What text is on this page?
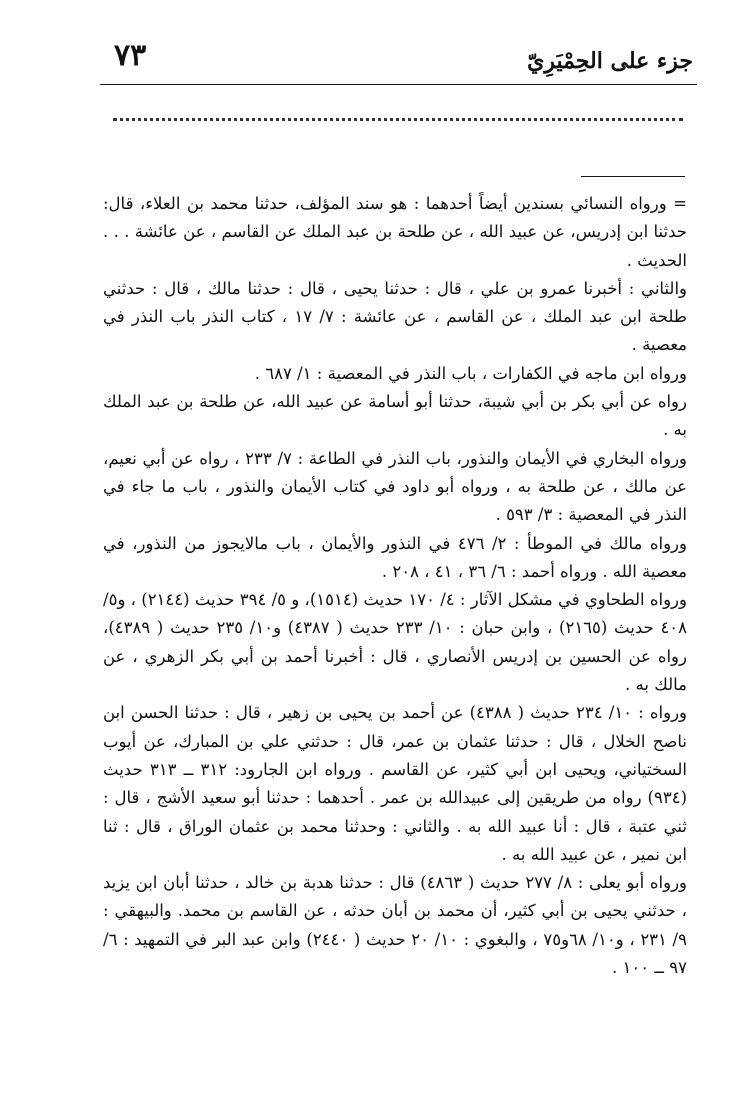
٧٣	جزء على الحِمْيَرِيّ

= ورواه النسائي بسندين أيضاً أحدهما : هو سند المؤلف، حدثنا محمد بن العلاء، قال: حدثنا ابن إدريس، عن عبيد الله ، عن طلحة بن عبد الملك عن القاسم ، عن عائشة . . . الحديث .

والثاني : أخبرنا عمرو بن علي ، قال : حدثنا يحيى ، قال : حدثنا مالك ، قال : حدثني طلحة ابن عبد الملك ، عن القاسم ، عن عائشة : ٧/ ١٧ ، كتاب النذر باب النذر في معصية .

ورواه ابن ماجه في الكفارات ، باب النذر في المعصية : ١/ ٦٨٧ .

رواه عن أبي بكر بن أبي شيبة، حدثنا أبو أسامة عن عبيد الله، عن طلحة بن عبد الملك به .

ورواه البخاري في الأيمان والنذور، باب النذر في الطاعة : ٧/ ٢٣٣ ، رواه عن أبي نعيم، عن مالك ، عن طلحة به ، ورواه أبو داود في كتاب الأيمان والنذور ، باب ما جاء في النذر في المعصية : ٣/ ٥٩٣ .

ورواه مالك في الموطأ : ٢/ ٤٧٦ في النذور والأيمان ، باب مالايجوز من النذور، في معصية الله . ورواه أحمد : ٦/ ٣٦ ، ٤١ ، ٢٠٨ .

ورواه الطحاوي في مشكل الآثار : ٤/ ١٧٠ حديث (١٥١٤)، و ٥/ ٣٩٤ حديث (٢١٤٤) ، و٥/ ٤٠٨ حديث (٢١٦٥) ، وابن حبان : ١٠/ ٢٣٣ حديث ( ٤٣٨٧) و١٠/ ٢٣٥ حديث ( ٤٣٨٩)، رواه عن الحسين بن إدريس الأنصاري ، قال : أخبرنا أحمد بن أبي بكر الزهري ، عن مالك به .

ورواه : ١٠/ ٢٣٤ حديث ( ٤٣٨٨) عن أحمد بن يحيى بن زهير ، قال : حدثنا الحسن ابن ناصح الخلال ، قال : حدثنا عثمان بن عمر، قال : حدثني علي بن المبارك، عن أيوب السختياني، ويحيى ابن أبي كثير، عن القاسم . ورواه ابن الجارود: ٣١٢ ــ ٣١٣ حديث (٩٣٤) رواه من طريقين إلى عبيدالله بن عمر . أحدهما : حدثنا أبو سعيد الأشج ، قال : ثني عتبة ، قال : أنا عبيد الله به . والثاني : وحدثنا محمد بن عثمان الوراق ، قال : ثنا ابن نمير ، عن عبيد الله به .

ورواه أبو يعلى : ٨/ ٢٧٧ حديث ( ٤٨٦٣) قال : حدثنا هدبة بن خالد ، حدثنا أبان ابن يزيد ، حدثني يحيى بن أبي كثير، أن محمد بن أبان حدثه ، عن القاسم بن محمد. والبيهقي : ٩/ ٢٣١ ، و١٠/ ٦٨و٧٥ ، والبغوي : ١٠/ ٢٠ حديث ( ٢٤٤٠) وابن عبد البر في التمهيد : ٦/ ٩٧ ــ ١٠٠ .
